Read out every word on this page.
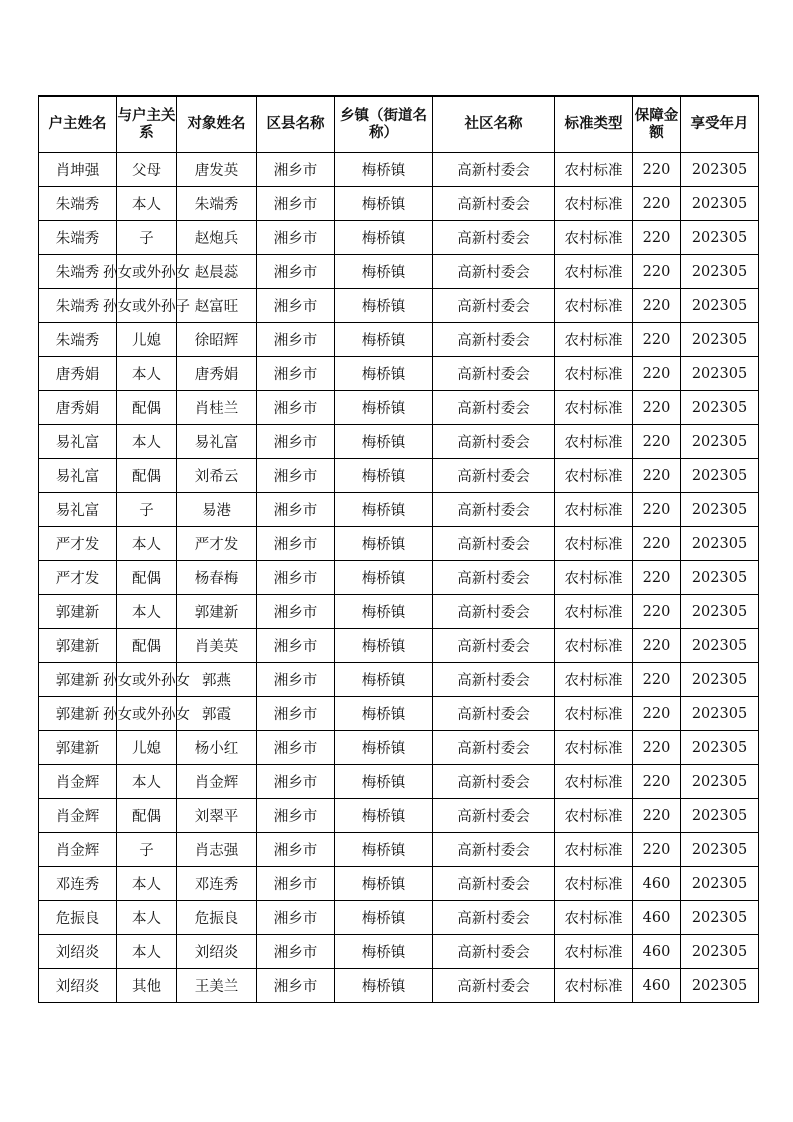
户主姓名	与户主关系	对象姓名	区县名称	乡镇（街道名称）	社区名称	标准类型	保障金额	享受年月
肖坤强	父母	唐发英	湘乡市	梅桥镇	高新村委会	农村标准	220	202305
朱端秀	本人	朱端秀	湘乡市	梅桥镇	高新村委会	农村标准	220	202305
朱端秀	子	赵炮兵	湘乡市	梅桥镇	高新村委会	农村标准	220	202305
朱端秀	孙女或外孙女	赵晨蕊	湘乡市	梅桥镇	高新村委会	农村标准	220	202305
朱端秀	孙女或外孙子	赵富旺	湘乡市	梅桥镇	高新村委会	农村标准	220	202305
朱端秀	儿媳	徐昭辉	湘乡市	梅桥镇	高新村委会	农村标准	220	202305
唐秀娟	本人	唐秀娟	湘乡市	梅桥镇	高新村委会	农村标准	220	202305
唐秀娟	配偶	肖桂兰	湘乡市	梅桥镇	高新村委会	农村标准	220	202305
易礼富	本人	易礼富	湘乡市	梅桥镇	高新村委会	农村标准	220	202305
易礼富	配偶	刘希云	湘乡市	梅桥镇	高新村委会	农村标准	220	202305
易礼富	子	易港	湘乡市	梅桥镇	高新村委会	农村标准	220	202305
严才发	本人	严才发	湘乡市	梅桥镇	高新村委会	农村标准	220	202305
严才发	配偶	杨春梅	湘乡市	梅桥镇	高新村委会	农村标准	220	202305
郭建新	本人	郭建新	湘乡市	梅桥镇	高新村委会	农村标准	220	202305
郭建新	配偶	肖美英	湘乡市	梅桥镇	高新村委会	农村标准	220	202305
郭建新	孙女或外孙女	郭燕	湘乡市	梅桥镇	高新村委会	农村标准	220	202305
郭建新	孙女或外孙女	郭霞	湘乡市	梅桥镇	高新村委会	农村标准	220	202305
郭建新	儿媳	杨小红	湘乡市	梅桥镇	高新村委会	农村标准	220	202305
肖金辉	本人	肖金辉	湘乡市	梅桥镇	高新村委会	农村标准	220	202305
肖金辉	配偶	刘翠平	湘乡市	梅桥镇	高新村委会	农村标准	220	202305
肖金辉	子	肖志强	湘乡市	梅桥镇	高新村委会	农村标准	220	202305
邓连秀	本人	邓连秀	湘乡市	梅桥镇	高新村委会	农村标准	460	202305
危振良	本人	危振良	湘乡市	梅桥镇	高新村委会	农村标准	460	202305
刘绍炎	本人	刘绍炎	湘乡市	梅桥镇	高新村委会	农村标准	460	202305
刘绍炎	其他	王美兰	湘乡市	梅桥镇	高新村委会	农村标准	460	202305
